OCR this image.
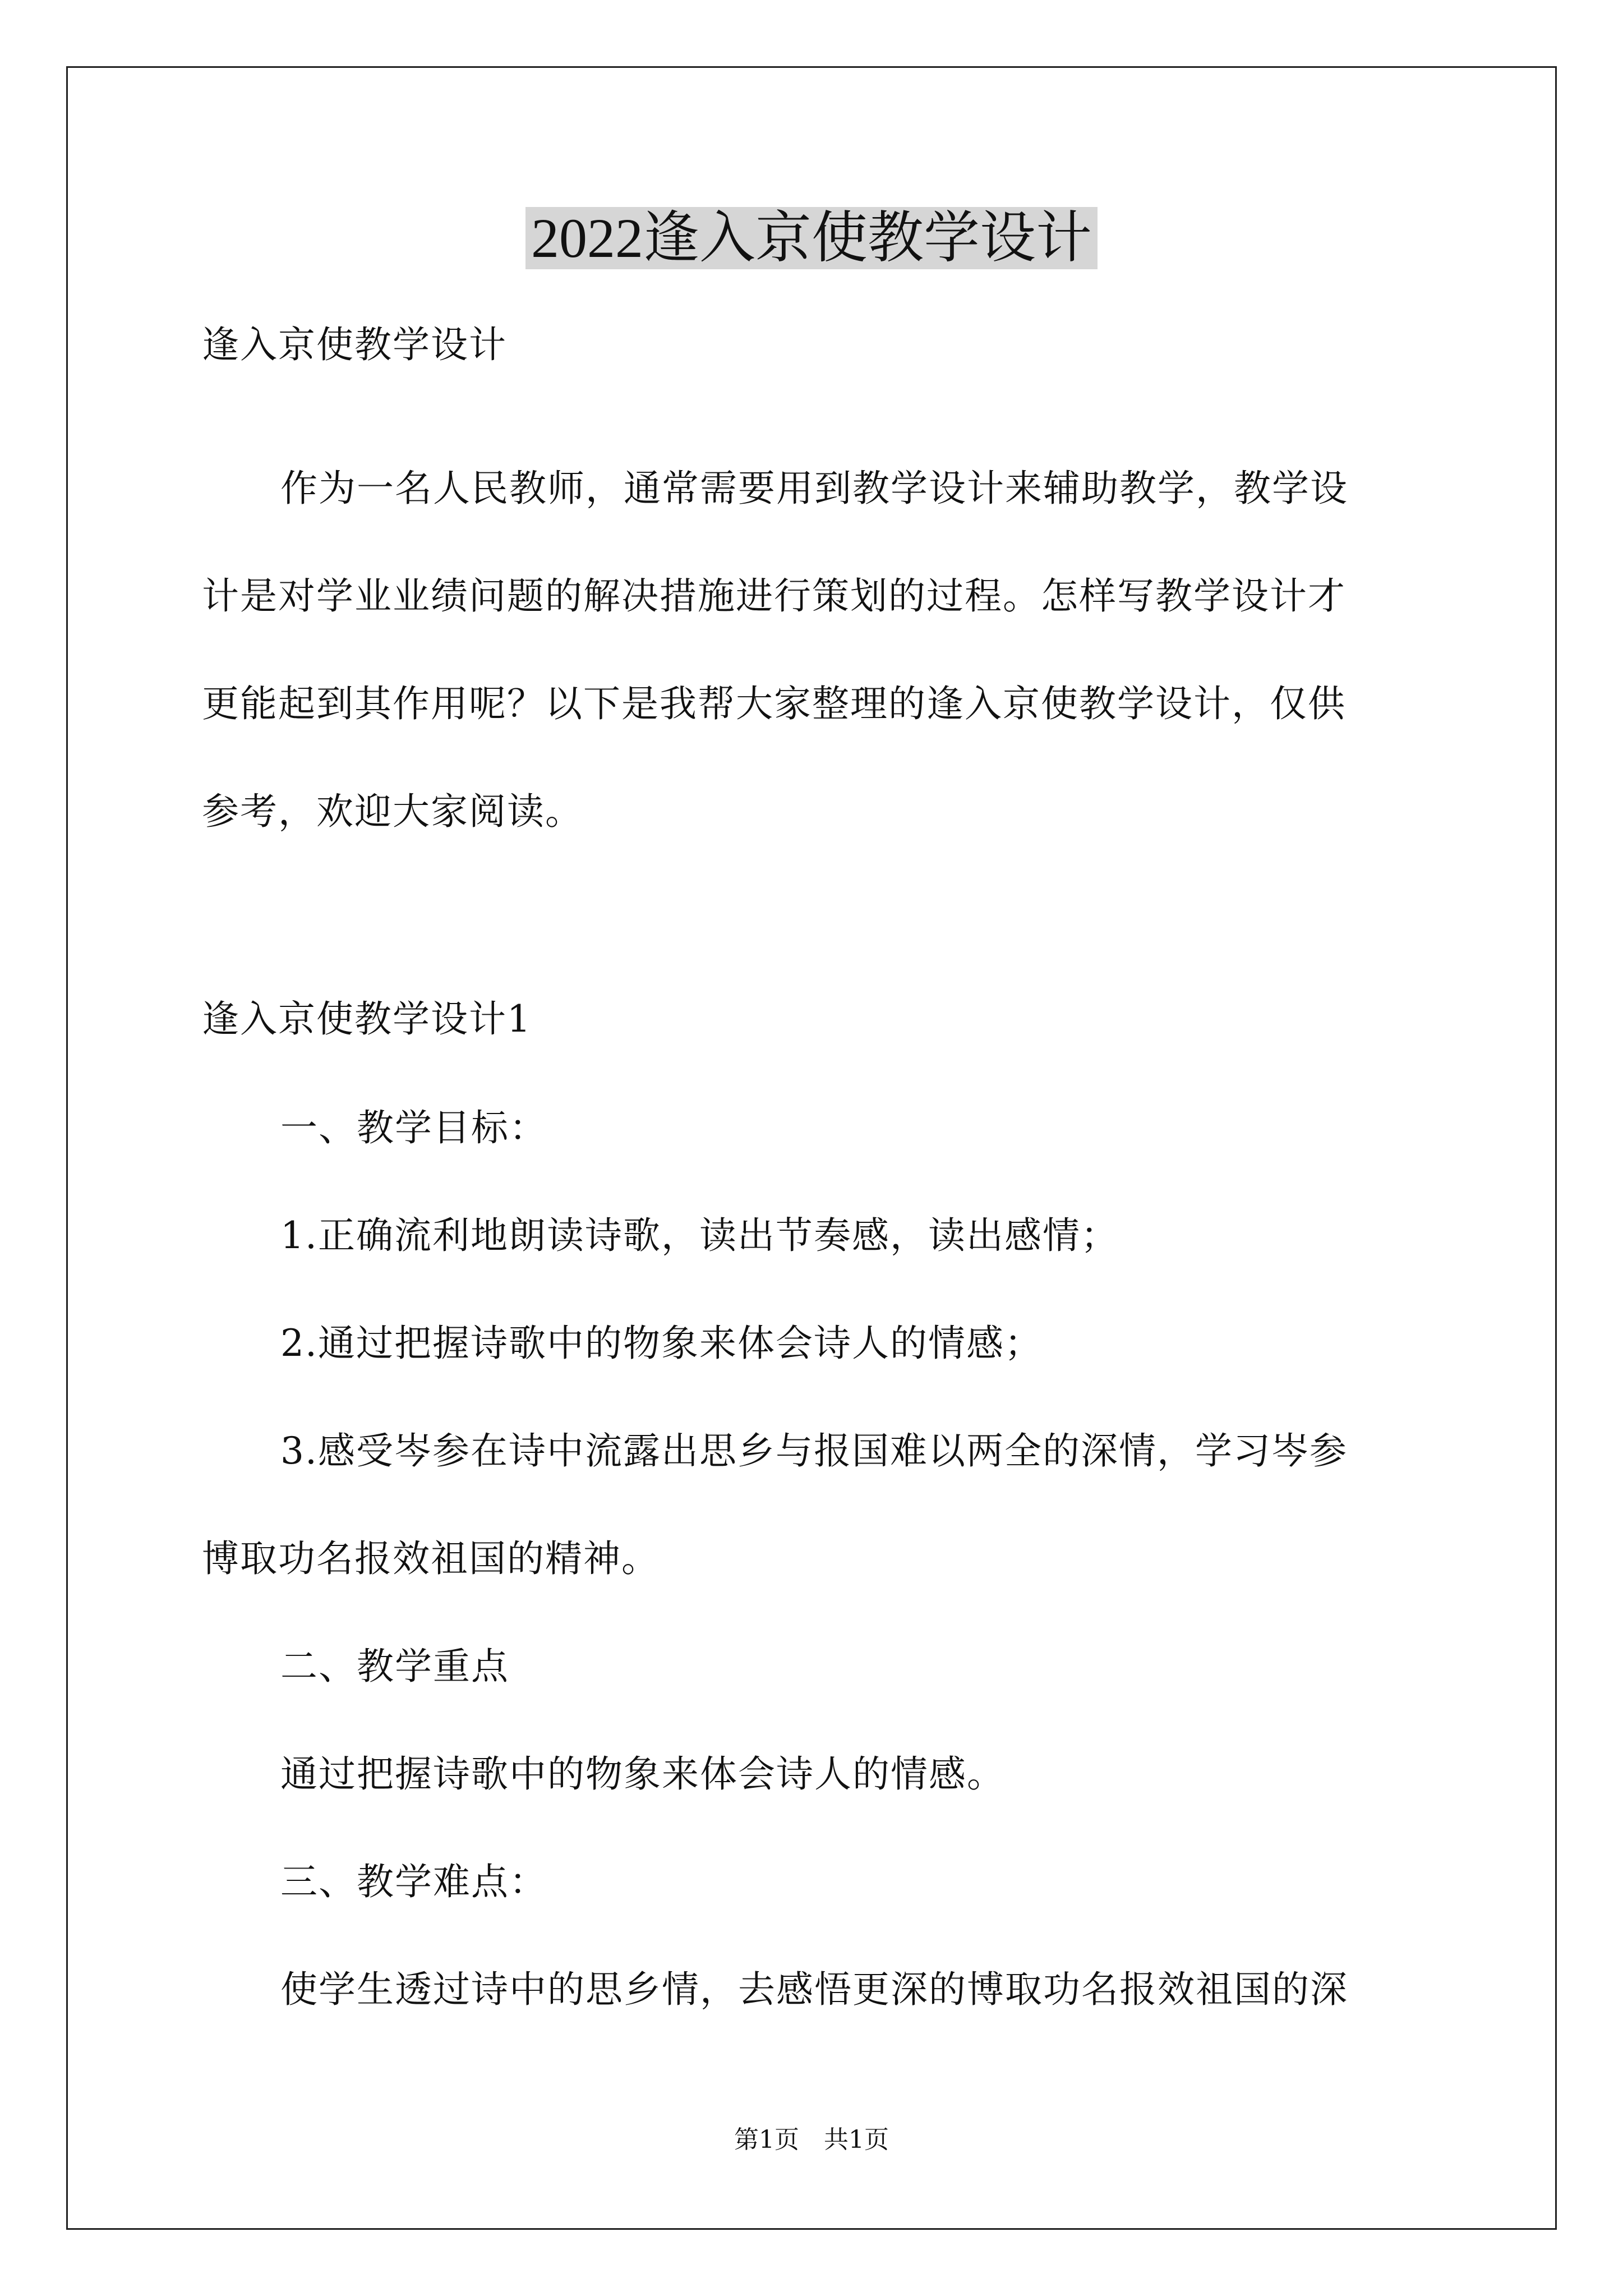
2022逢入京使教学设计
逢入京使教学设计
作为一名人民教师，通常需要用到教学设计来辅助教学，教学设
计是对学业业绩问题的解决措施进行策划的过程。怎样写教学设计才
更能起到其作用呢？以下是我帮大家整理的逢入京使教学设计，仅供
参考，欢迎大家阅读。
逢入京使教学设计1
一、教学目标：
1.正确流利地朗读诗歌，读出节奏感，读出感情；
2.通过把握诗歌中的物象来体会诗人的情感；
3.感受岑参在诗中流露出思乡与报国难以两全的深情，学习岑参
博取功名报效祖国的精神。
二、教学重点
通过把握诗歌中的物象来体会诗人的情感。
三、教学难点：
使学生透过诗中的思乡情，去感悟更深的博取功名报效祖国的深
第1页　共1页
